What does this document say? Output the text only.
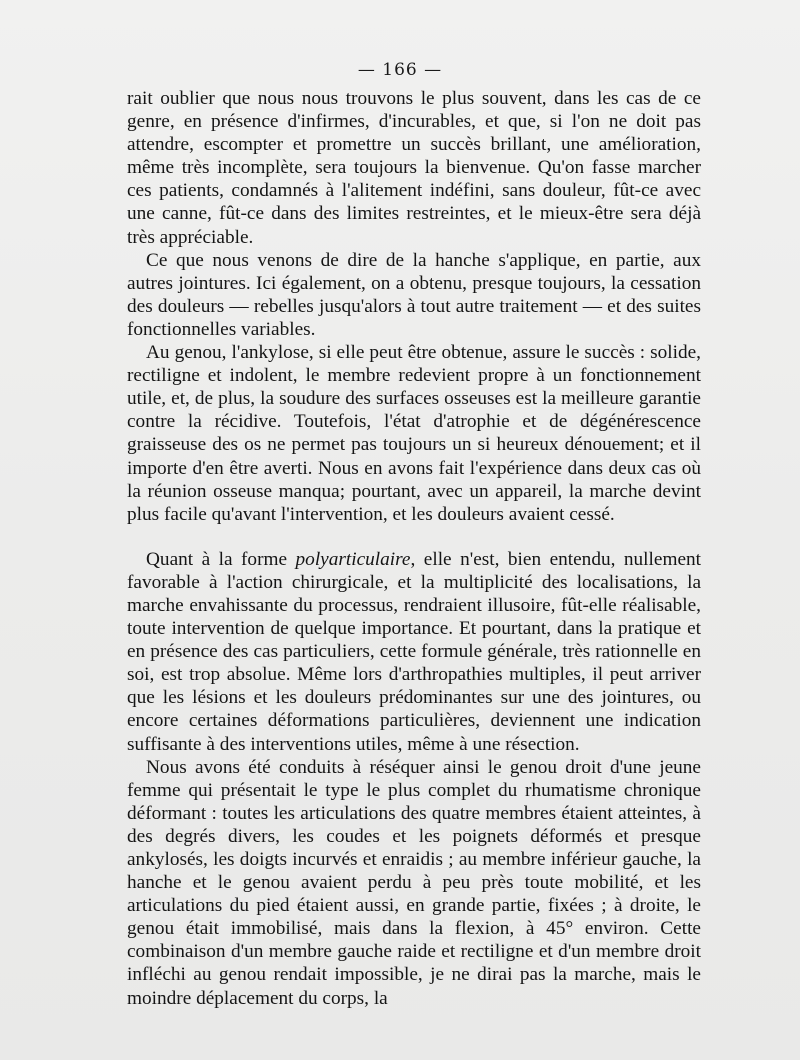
— 166 —

rait oublier que nous nous trouvons le plus souvent, dans les cas de ce genre, en présence d'infirmes, d'incurables, et que, si l'on ne doit pas attendre, escompter et promettre un succès brillant, une amélioration, même très incomplète, sera toujours la bienvenue. Qu'on fasse marcher ces patients, condamnés à l'alitement indéfini, sans douleur, fût-ce avec une canne, fût-ce dans des limites restreintes, et le mieux-être sera déjà très appréciable.

Ce que nous venons de dire de la hanche s'applique, en partie, aux autres jointures. Ici également, on a obtenu, presque toujours, la cessation des douleurs — rebelles jusqu'alors à tout autre traitement — et des suites fonctionnelles variables.

Au genou, l'ankylose, si elle peut être obtenue, assure le succès : solide, rectiligne et indolent, le membre redevient propre à un fonctionnement utile, et, de plus, la soudure des surfaces osseuses est la meilleure garantie contre la récidive. Toutefois, l'état d'atrophie et de dégénérescence graisseuse des os ne permet pas toujours un si heureux dénouement; et il importe d'en être averti. Nous en avons fait l'expérience dans deux cas où la réunion osseuse manqua; pourtant, avec un appareil, la marche devint plus facile qu'avant l'intervention, et les douleurs avaient cessé.

Quant à la forme polyarticulaire, elle n'est, bien entendu, nullement favorable à l'action chirurgicale, et la multiplicité des localisations, la marche envahissante du processus, rendraient illusoire, fût-elle réalisable, toute intervention de quelque importance. Et pourtant, dans la pratique et en présence des cas particuliers, cette formule générale, très rationnelle en soi, est trop absolue. Même lors d'arthropathies multiples, il peut arriver que les lésions et les douleurs prédominantes sur une des jointures, ou encore certaines déformations particulières, deviennent une indication suffisante à des interventions utiles, même à une résection.

Nous avons été conduits à réséquer ainsi le genou droit d'une jeune femme qui présentait le type le plus complet du rhumatisme chronique déformant : toutes les articulations des quatre membres étaient atteintes, à des degrés divers, les coudes et les poignets déformés et presque ankylosés, les doigts incurvés et enraidis ; au membre inférieur gauche, la hanche et le genou avaient perdu à peu près toute mobilité, et les articulations du pied étaient aussi, en grande partie, fixées ; à droite, le genou était immobilisé, mais dans la flexion, à 45° environ. Cette combinaison d'un membre gauche raide et rectiligne et d'un membre droit infléchi au genou rendait impossible, je ne dirai pas la marche, mais le moindre déplacement du corps, la
